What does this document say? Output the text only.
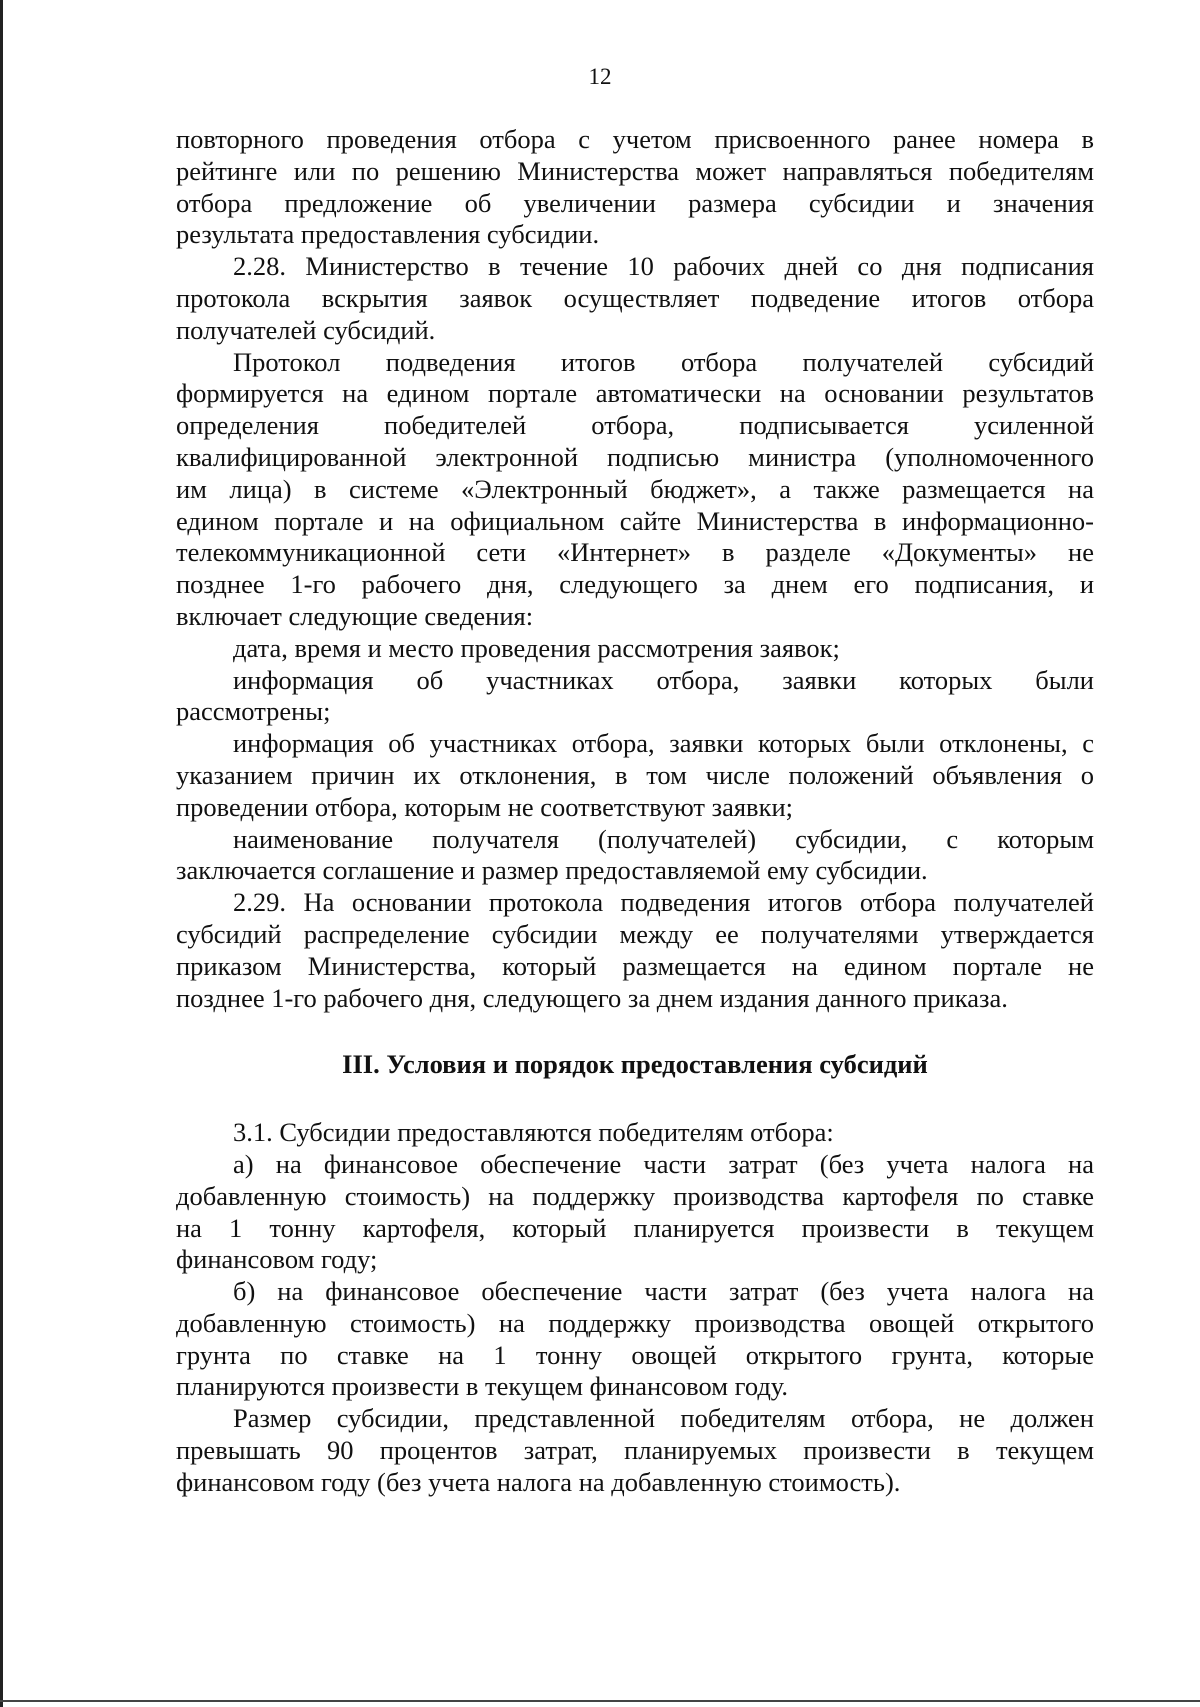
12
повторного проведения отбора с учетом присвоенного ранее номера в
рейтинге или по решению Министерства может направляться победителям
отбора предложение об увеличении размера субсидии и значения
результата предоставления субсидии.
2.28. Министерство в течение 10 рабочих дней со дня подписания
протокола вскрытия заявок осуществляет подведение итогов отбора
получателей субсидий.
Протокол подведения итогов отбора получателей субсидий
формируется на едином портале автоматически на основании результатов
определения победителей отбора, подписывается усиленной
квалифицированной электронной подписью министра (уполномоченного
им лица) в системе «Электронный бюджет», а также размещается на
едином портале и на официальном сайте Министерства в информационно-
телекоммуникационной сети «Интернет» в разделе «Документы» не
позднее 1-го рабочего дня, следующего за днем его подписания, и
включает следующие сведения:
дата, время и место проведения рассмотрения заявок;
информация об участниках отбора, заявки которых были
рассмотрены;
информация об участниках отбора, заявки которых были отклонены, с
указанием причин их отклонения, в том числе положений объявления о
проведении отбора, которым не соответствуют заявки;
наименование получателя (получателей) субсидии, с которым
заключается соглашение и размер предоставляемой ему субсидии.
2.29. На основании протокола подведения итогов отбора получателей
субсидий распределение субсидии между ее получателями утверждается
приказом Министерства, который размещается на едином портале не
позднее 1-го рабочего дня, следующего за днем издания данного приказа.
III. Условия и порядок предоставления субсидий
3.1. Субсидии предоставляются победителям отбора:
а) на финансовое обеспечение части затрат (без учета налога на
добавленную стоимость) на поддержку производства картофеля по ставке
на 1 тонну картофеля, который планируется произвести в текущем
финансовом году;
б) на финансовое обеспечение части затрат (без учета налога на
добавленную стоимость) на поддержку производства овощей открытого
грунта по ставке на 1 тонну овощей открытого грунта, которые
планируются произвести в текущем финансовом году.
Размер субсидии, представленной победителям отбора, не должен
превышать 90 процентов затрат, планируемых произвести в текущем
финансовом году (без учета налога на добавленную стоимость).
